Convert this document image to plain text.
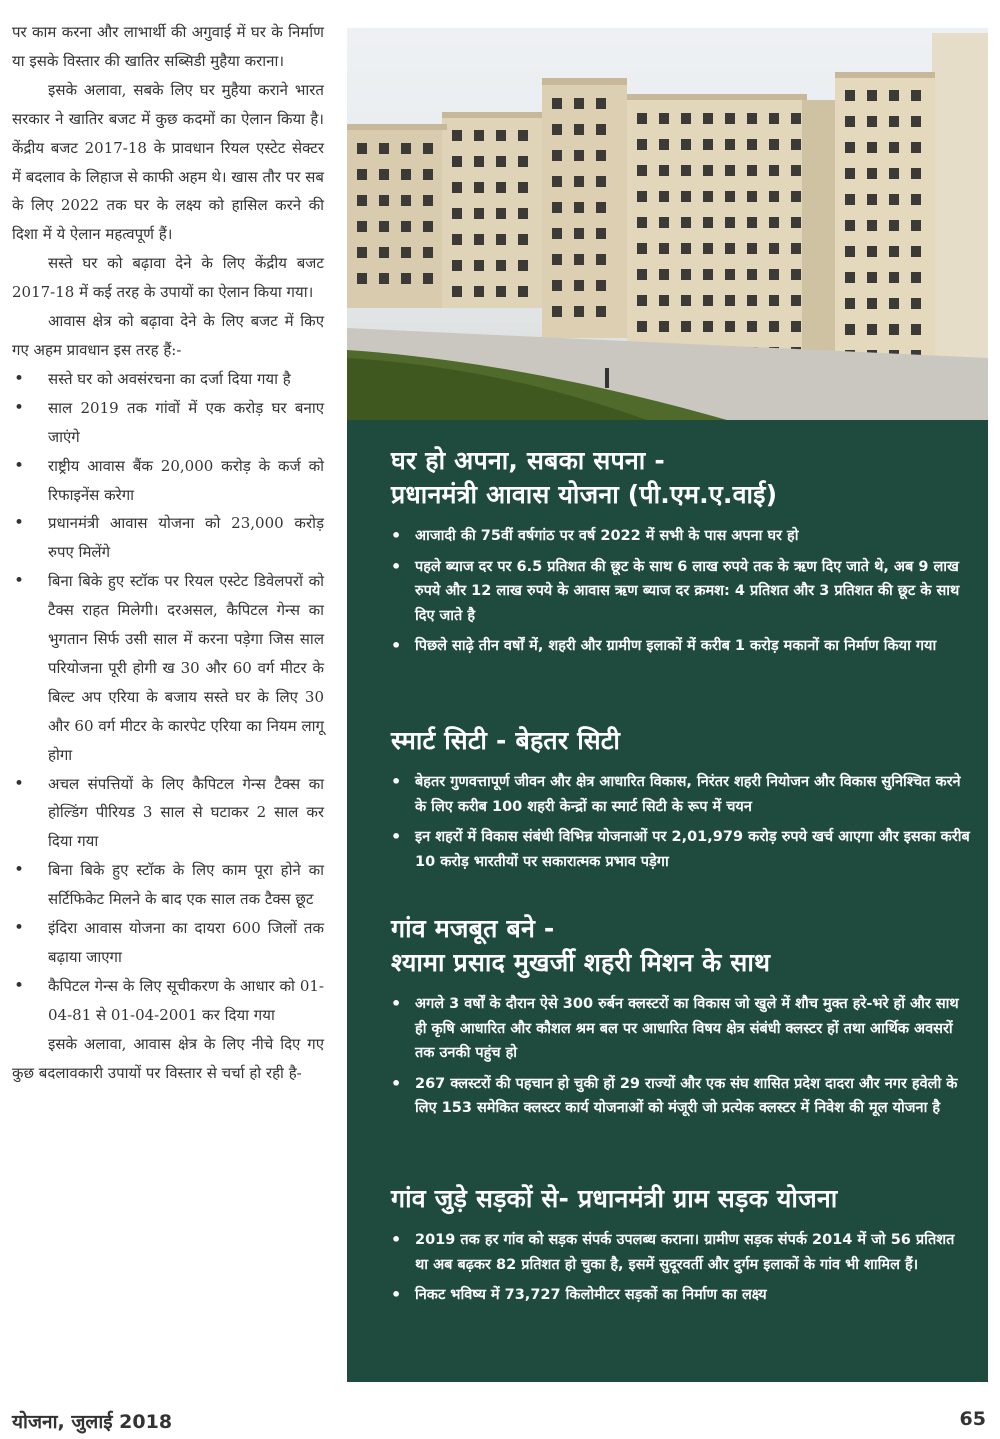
पर काम करना और लाभार्थी की अगुवाई में घर के निर्माण या इसके विस्तार की खातिर सब्सिडी मुहैया कराना।

इसके अलावा, सबके लिए घर मुहैया कराने भारत सरकार ने खातिर बजट में कुछ कदमों का ऐलान किया है। केंद्रीय बजट 2017-18 के प्रावधान रियल एस्टेट सेक्टर में बदलाव के लिहाज से काफी अहम थे। खास तौर पर सब के लिए 2022 तक घर के लक्ष्य को हासिल करने की दिशा में ये ऐलान महत्वपूर्ण हैं।

सस्ते घर को बढ़ावा देने के लिए केंद्रीय बजट 2017-18 में कई तरह के उपायों का ऐलान किया गया।

आवास क्षेत्र को बढ़ावा देने के लिए बजट में किए गए अहम प्रावधान इस तरह हैं:-

• सस्ते घर को अवसंरचना का दर्जा दिया गया है
• साल 2019 तक गांवों में एक करोड़ घर बनाए जाएंगे
• राष्ट्रीय आवास बैंक 20,000 करोड़ के कर्ज को रिफाइनेंस करेगा
• प्रधानमंत्री आवास योजना को 23,000 करोड़ रुपए मिलेंगे
• बिना बिके हुए स्टॉक पर रियल एस्टेट डिवेलपरों को टैक्स राहत मिलेगी। दरअसल, कैपिटल गेन्स का भुगतान सिर्फ उसी साल में करना पड़ेगा जिस साल परियोजना पूरी होगी ख 30 और 60 वर्ग मीटर के बिल्ट अप एरिया के बजाय सस्ते घर के लिए 30 और 60 वर्ग मीटर के कारपेट एरिया का नियम लागू होगा
• अचल संपत्तियों के लिए कैपिटल गेन्स टैक्स का होल्डिंग पीरियड 3 साल से घटाकर 2 साल कर दिया गया
• बिना बिके हुए स्टॉक के लिए काम पूरा होने का सर्टिफिकेट मिलने के बाद एक साल तक टैक्स छूट
• इंदिरा आवास योजना का दायरा 600 जिलों तक बढ़ाया जाएगा
• कैपिटल गेन्स के लिए सूचीकरण के आधार को 01-04-81 से 01-04-2001 कर दिया गया

इसके अलावा, आवास क्षेत्र के लिए नीचे दिए गए कुछ बदलावकारी उपायों पर विस्तार से चर्चा हो रही है-

घर हो अपना, सबका सपना -
प्रधानमंत्री आवास योजना (पी.एम.ए.वाई)
• आजादी की 75वीं वर्षगांठ पर वर्ष 2022 में सभी के पास अपना घर हो
• पहले ब्याज दर पर 6.5 प्रतिशत की छूट के साथ 6 लाख रुपये तक के ऋण दिए जाते थे, अब 9 लाख रुपये और 12 लाख रुपये के आवास ऋण ब्याज दर क्रमश: 4 प्रतिशत और 3 प्रतिशत की छूट के साथ दिए जाते है
• पिछले साढ़े तीन वर्षों में, शहरी और ग्रामीण इलाकों में करीब 1 करोड़ मकानों का निर्माण किया गया
स्मार्ट सिटी - बेहतर सिटी
• बेहतर गुणवत्तापूर्ण जीवन और क्षेत्र आधारित विकास, निरंतर शहरी नियोजन और विकास सुनिश्चित करने के लिए करीब 100 शहरी केन्द्रों का स्मार्ट सिटी के रूप में चयन
• इन शहरों में विकास संबंधी विभिन्न योजनाओं पर 2,01,979 करोड़ रुपये खर्च आएगा और इसका करीब 10 करोड़ भारतीयों पर सकारात्मक प्रभाव पड़ेगा
गांव मजबूत बने -
श्यामा प्रसाद मुखर्जी शहरी मिशन के साथ
• अगले 3 वर्षों के दौरान ऐसे 300 रुर्बन क्लस्टरों का विकास जो खुले में शौच मुक्त हरे-भरे हों और साथ ही कृषि आधारित और कौशल श्रम बल पर आधारित विषय क्षेत्र संबंधी क्लस्टर हों तथा आर्थिक अवसरों तक उनकी पहुंच हो
• 267 क्लस्टरों की पहचान हो चुकी हों 29 राज्यों और एक संघ शासित प्रदेश दादरा और नगर हवेली के लिए 153 समेकित क्लस्टर कार्य योजनाओं को मंजूरी जो प्रत्येक क्लस्टर में निवेश की मूल योजना है
गांव जुड़े सड़कों से- प्रधानमंत्री ग्राम सड़क योजना
• 2019 तक हर गांव को सड़क संपर्क उपलब्ध कराना। ग्रामीण सड़क संपर्क 2014 में जो 56 प्रतिशत था अब बढ़कर 82 प्रतिशत हो चुका है, इसमें सुदूरवर्ती और दुर्गम इलाकों के गांव भी शामिल हैं।
• निकट भविष्य में 73,727 किलोमीटर सड़कों का निर्माण का लक्ष्य
योजना, जुलाई 2018	65
